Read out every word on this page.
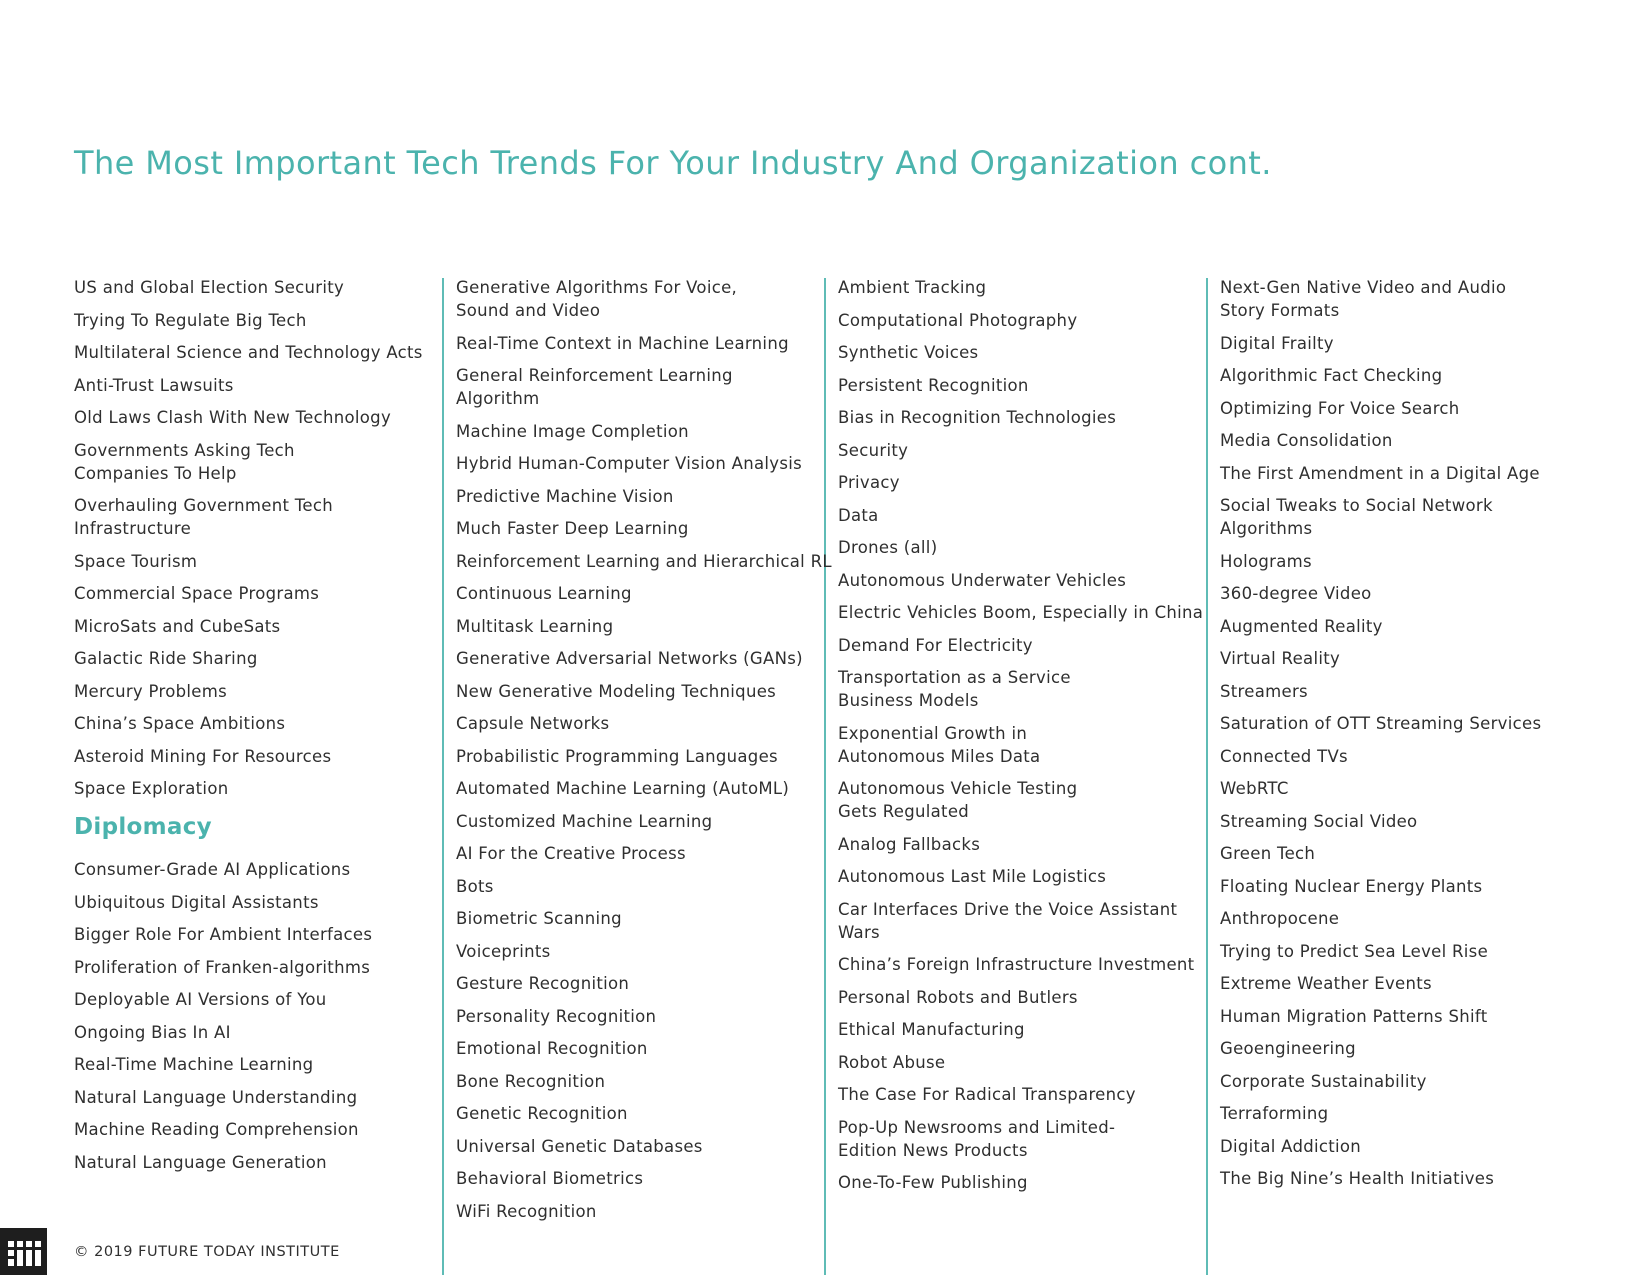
The Most Important Tech Trends For Your Industry And Organization cont.
US and Global Election Security
Trying To Regulate Big Tech
Multilateral Science and Technology Acts
Anti-Trust Lawsuits
Old Laws Clash With New Technology
Governments Asking Tech Companies To Help
Overhauling Government Tech Infrastructure
Space Tourism
Commercial Space Programs
MicroSats and CubeSats
Galactic Ride Sharing
Mercury Problems
China’s Space Ambitions
Asteroid Mining For Resources
Space Exploration
Diplomacy
Consumer-Grade AI Applications
Ubiquitous Digital Assistants
Bigger Role For Ambient Interfaces
Proliferation of Franken-algorithms
Deployable AI Versions of You
Ongoing Bias In AI
Real-Time Machine Learning
Natural Language Understanding
Machine Reading Comprehension
Natural Language Generation
Generative Algorithms For Voice, Sound and Video
Real-Time Context in Machine Learning
General Reinforcement Learning Algorithm
Machine Image Completion
Hybrid Human-Computer Vision Analysis
Predictive Machine Vision
Much Faster Deep Learning
Reinforcement Learning and Hierarchical RL
Continuous Learning
Multitask Learning
Generative Adversarial Networks (GANs)
New Generative Modeling Techniques
Capsule Networks
Probabilistic Programming Languages
Automated Machine Learning (AutoML)
Customized Machine Learning
AI For the Creative Process
Bots
Biometric Scanning
Voiceprints
Gesture Recognition
Personality Recognition
Emotional Recognition
Bone Recognition
Genetic Recognition
Universal Genetic Databases
Behavioral Biometrics
WiFi Recognition
Ambient Tracking
Computational Photography
Synthetic Voices
Persistent Recognition
Bias in Recognition Technologies
Security
Privacy
Data
Drones (all)
Autonomous Underwater Vehicles
Electric Vehicles Boom, Especially in China
Demand For Electricity
Transportation as a Service Business Models
Exponential Growth in Autonomous Miles Data
Autonomous Vehicle Testing Gets Regulated
Analog Fallbacks
Autonomous Last Mile Logistics
Car Interfaces Drive the Voice Assistant Wars
China’s Foreign Infrastructure Investment
Personal Robots and Butlers
Ethical Manufacturing
Robot Abuse
The Case For Radical Transparency
Pop-Up Newsrooms and Limited-Edition News Products
One-To-Few Publishing
Next-Gen Native Video and Audio Story Formats
Digital Frailty
Algorithmic Fact Checking
Optimizing For Voice Search
Media Consolidation
The First Amendment in a Digital Age
Social Tweaks to Social Network Algorithms
Holograms
360-degree Video
Augmented Reality
Virtual Reality
Streamers
Saturation of OTT Streaming Services
Connected TVs
WebRTC
Streaming Social Video
Green Tech
Floating Nuclear Energy Plants
Anthropocene
Trying to Predict Sea Level Rise
Extreme Weather Events
Human Migration Patterns Shift
Geoengineering
Corporate Sustainability
Terraforming
Digital Addiction
The Big Nine’s Health Initiatives
© 2019 FUTURE TODAY INSTITUTE
